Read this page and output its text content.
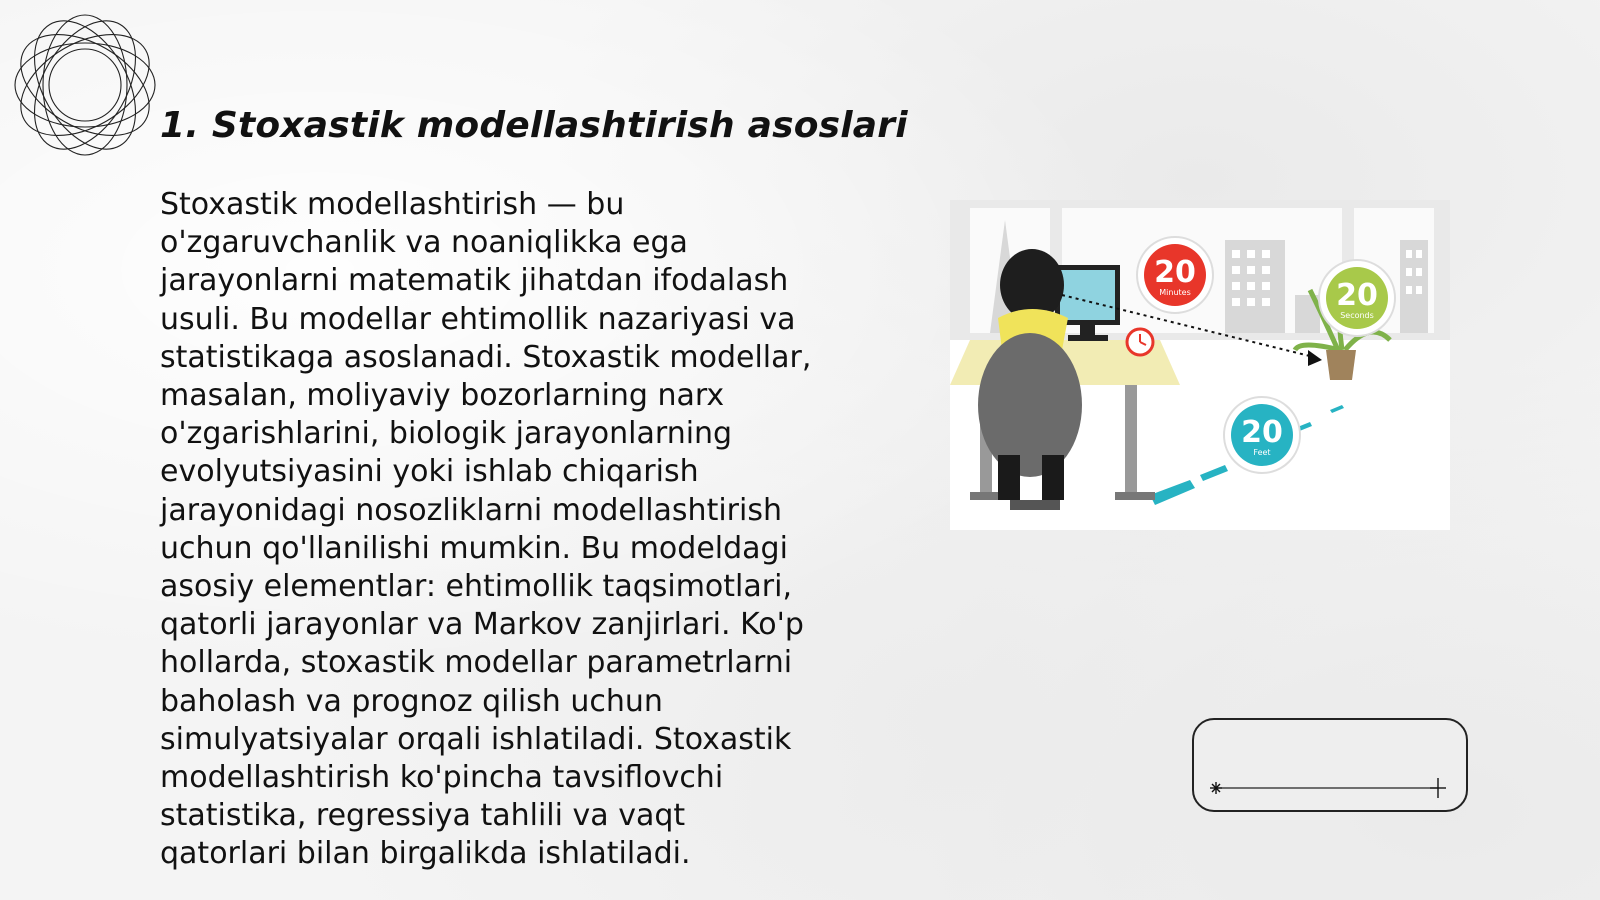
1. Stoxastik modellashtirish asoslari

Stoxastik modellashtirish — bu o'zgaruvchanlik va noaniqlikka ega jarayonlarni matematik jihatdan ifodalash usuli. Bu modellar ehtimollik nazariyasi va statistikaga asoslanadi. Stoxastik modellar, masalan, moliyaviy bozorlarning narx o'zgarishlarini, biologik jarayonlarning evolyutsiyasini yoki ishlab chiqarish jarayonidagi nosozliklarni modellashtirish uchun qo'llanilishi mumkin. Bu modeldagi asosiy elementlar: ehtimollik taqsimotlari, qatorli jarayonlar va Markov zanjirlari. Ko'p hollarda, stoxastik modellar parametrlarni baholash va prognoz qilish uchun simulyatsiyalar orqali ishlatiladi. Stoxastik modellashtirish ko'pincha tavsiflovchi statistika, regressiya tahlili va vaqt qatorlari bilan birgalikda ishlatiladi.

20
Minutes	20
Seconds
20
Feet
